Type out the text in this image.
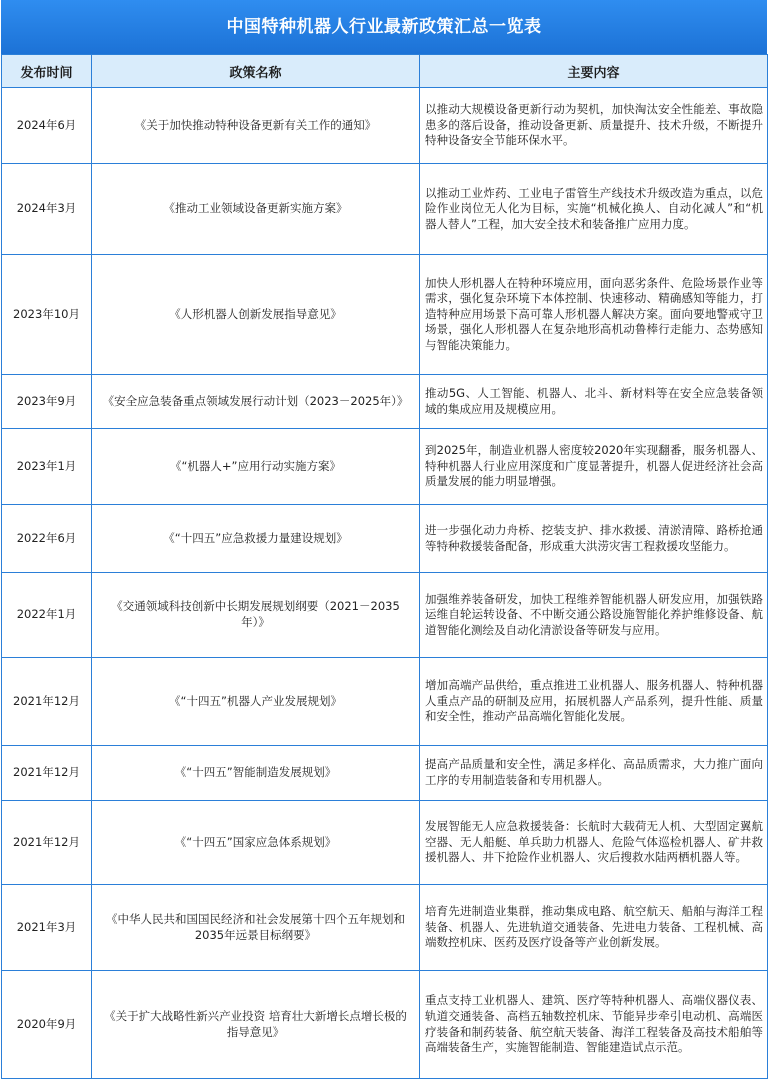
中国特种机器人行业最新政策汇总一览表
发布时间	政策名称	主要内容
2024年6月	《关于加快推动特种设备更新有关工作的通知》	以推动大规模设备更新行动为契机，加快淘汰安全性能差、事故隐患多的落后设备，推动设备更新、质量提升、技术升级，不断提升特种设备安全节能环保水平。
2024年3月	《推动工业领域设备更新实施方案》	以推动工业炸药、工业电子雷管生产线技术升级改造为重点，以危险作业岗位无人化为目标，实施“机械化换人、自动化减人”和“机器人替人”工程，加大安全技术和装备推广应用力度。
2023年10月	《人形机器人创新发展指导意见》	加快人形机器人在特种环境应用，面向恶劣条件、危险场景作业等需求，强化复杂环境下本体控制、快速移动、精确感知等能力，打造特种应用场景下高可靠人形机器人解决方案。面向要地警戒守卫场景，强化人形机器人在复杂地形高机动鲁棒行走能力、态势感知与智能决策能力。
2023年9月	《安全应急装备重点领域发展行动计划（2023－2025年）》	推动5G、人工智能、机器人、北斗、新材料等在安全应急装备领域的集成应用及规模应用。
2023年1月	《“机器人+”应用行动实施方案》	到2025年，制造业机器人密度较2020年实现翻番，服务机器人、特种机器人行业应用深度和广度显著提升，机器人促进经济社会高质量发展的能力明显增强。
2022年6月	《“十四五”应急救援力量建设规划》	进一步强化动力舟桥、挖装支护、排水救援、清淤清障、路桥抢通等特种救援装备配备，形成重大洪涝灾害工程救援攻坚能力。
2022年1月	《交通领域科技创新中长期发展规划纲要（2021－2035年）》	加强维养装备研发，加快工程维养智能机器人研发应用，加强铁路运维自轮运转设备、不中断交通公路设施智能化养护维修设备、航道智能化测绘及自动化清淤设备等研发与应用。
2021年12月	《“十四五”机器人产业发展规划》	增加高端产品供给，重点推进工业机器人、服务机器人、特种机器人重点产品的研制及应用，拓展机器人产品系列，提升性能、质量和安全性，推动产品高端化智能化发展。
2021年12月	《“十四五”智能制造发展规划》	提高产品质量和安全性，满足多样化、高品质需求，大力推广面向工序的专用制造装备和专用机器人。
2021年12月	《“十四五”国家应急体系规划》	发展智能无人应急救援装备：长航时大载荷无人机、大型固定翼航空器、无人船艇、单兵助力机器人、危险气体巡检机器人、矿井救援机器人、井下抢险作业机器人、灾后搜救水陆两栖机器人等。
2021年3月	《中华人民共和国国民经济和社会发展第十四个五年规划和2035年远景目标纲要》	培育先进制造业集群，推动集成电路、航空航天、船舶与海洋工程装备、机器人、先进轨道交通装备、先进电力装备、工程机械、高端数控机床、医药及医疗设备等产业创新发展。
2020年9月	《关于扩大战略性新兴产业投资 培育壮大新增长点增长极的指导意见》	重点支持工业机器人、建筑、医疗等特种机器人、高端仪器仪表、轨道交通装备、高档五轴数控机床、节能异步牵引电动机、高端医疗装备和制药装备、航空航天装备、海洋工程装备及高技术船舶等高端装备生产，实施智能制造、智能建造试点示范。
